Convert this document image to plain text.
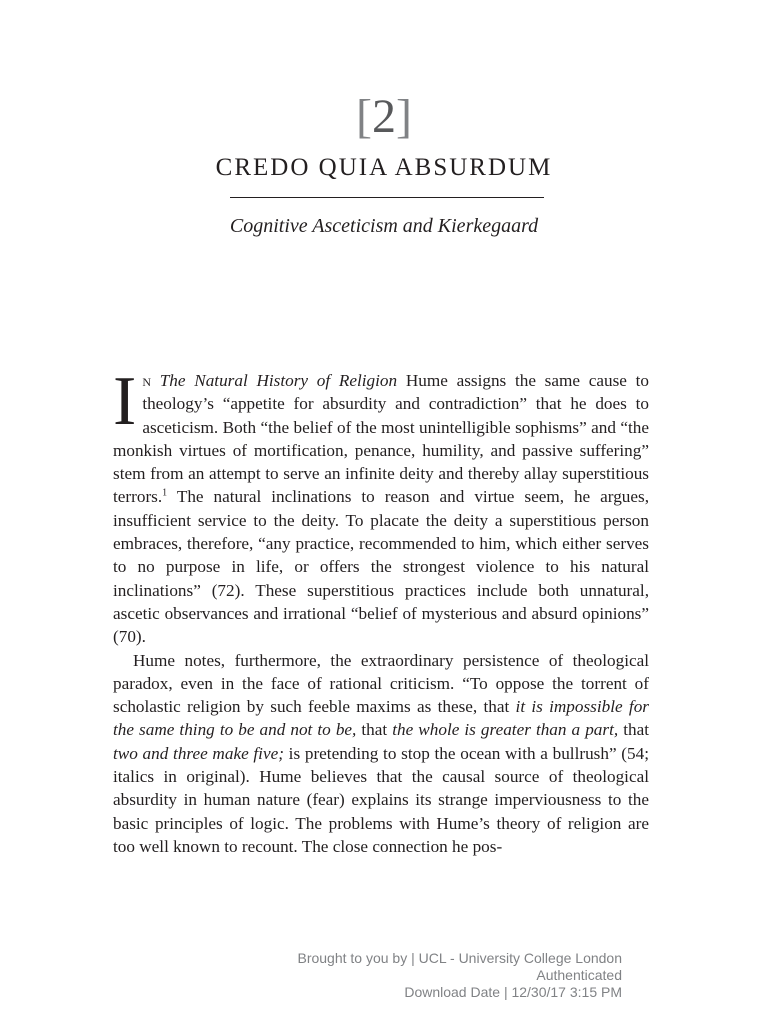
[2]
CREDO QUIA ABSURDUM
Cognitive Asceticism and Kierkegaard

In The Natural History of Religion Hume assigns the same cause to theology’s “appetite for absurdity and contradiction” that he does to asceticism. Both “the belief of the most unintelligible sophisms” and “the monkish virtues of mortification, penance, humility, and passive suffering” stem from an attempt to serve an infinite deity and thereby allay superstitious terrors.$^1$ The natural inclinations to reason and virtue seem, he argues, insufficient service to the deity. To placate the deity a superstitious person embraces, therefore, “any practice, recommended to him, which either serves to no purpose in life, or offers the strongest violence to his natural inclinations” (72). These superstitious practices include both unnatural, ascetic observances and irrational “belief of mysterious and absurd opinions” (70).

Hume notes, furthermore, the extraordinary persistence of theological paradox, even in the face of rational criticism. “To oppose the torrent of scholastic religion by such feeble maxims as these, that it is impossible for the same thing to be and not to be, that the whole is greater than a part, that two and three make five; is pretending to stop the ocean with a bullrush” (54; italics in original). Hume believes that the causal source of theological absurdity in human nature (fear) explains its strange imperviousness to the basic principles of logic. The problems with Hume’s theory of religion are too well known to recount. The close connection he pos-

Brought to you by | UCL - University College London
Authenticated
Download Date | 12/30/17 3:15 PM
